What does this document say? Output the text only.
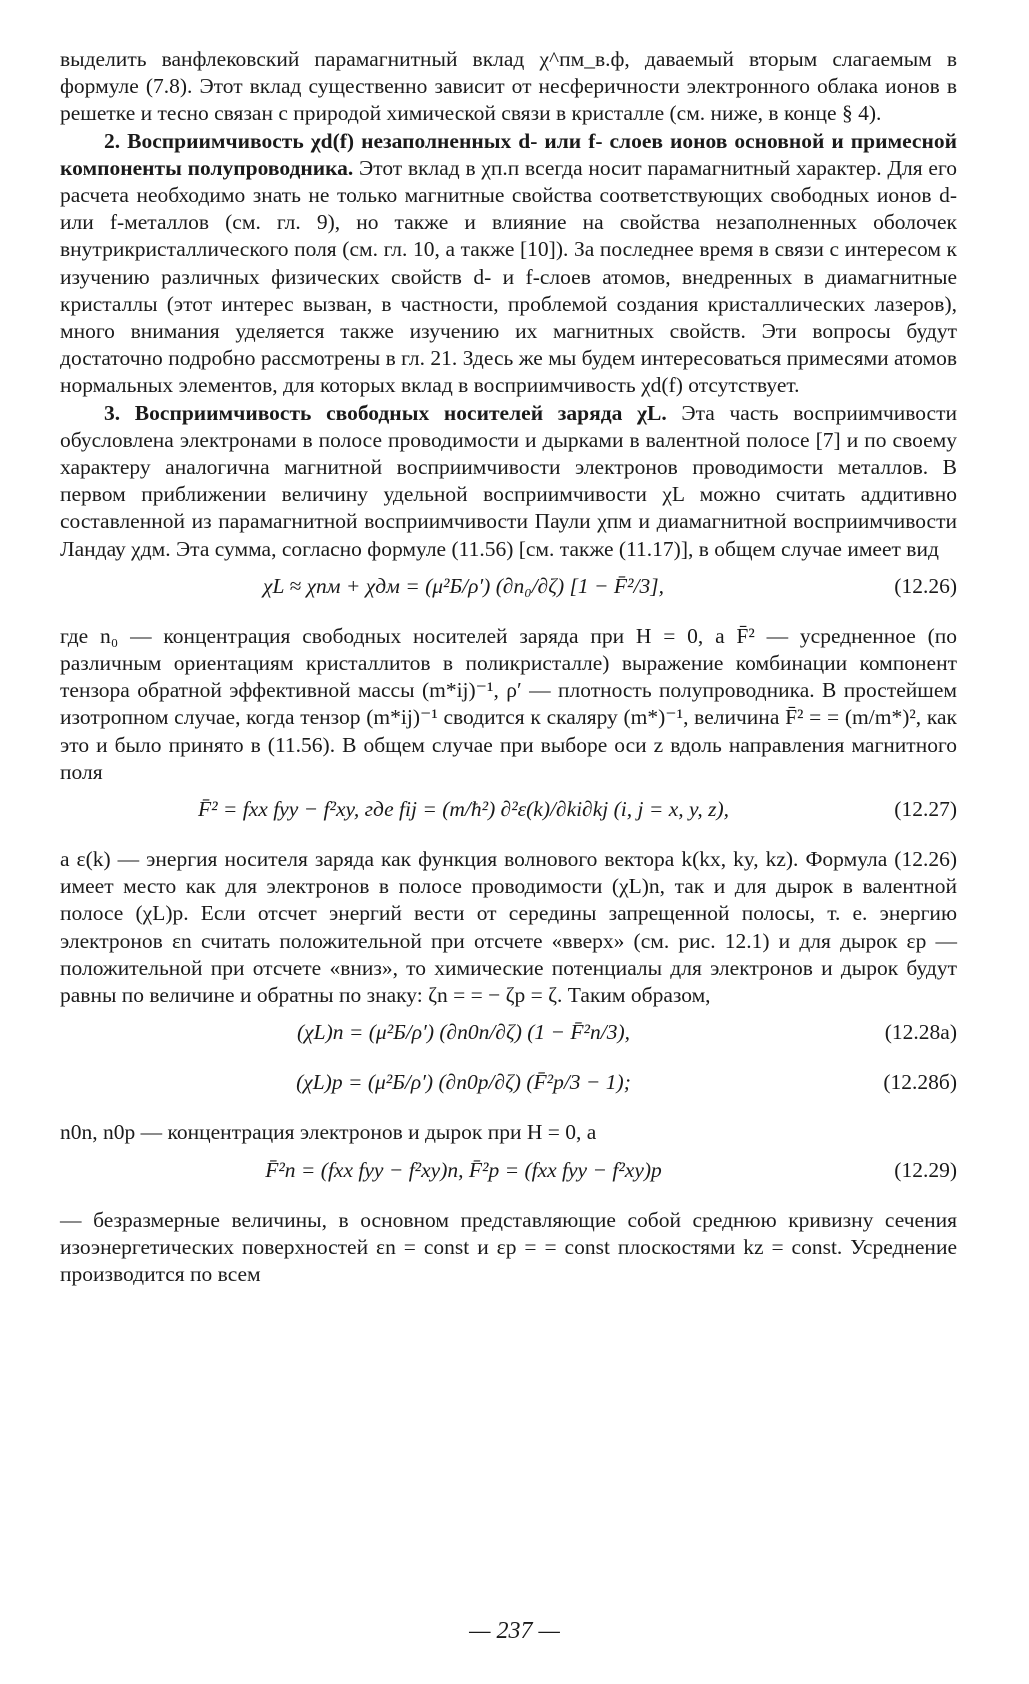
выделить ванфлековский парамагнитный вклад χ^пм_в.ф, даваемый вторым слагаемым в формуле (7.8). Этот вклад существенно зависит от несферичности электронного облака ионов в решетке и тесно связан с природой химической связи в кристалле (см. ниже, в конце § 4).

2. Восприимчивость χd(f) незаполненных d- или f- слоев ионов основной и примесной компоненты полупроводника. Этот вклад в χп.п всегда носит парамагнитный характер. Для его расчета необходимо знать не только магнитные свойства соответствующих свободных ионов d- или f-металлов (см. гл. 9), но также и влияние на свойства незаполненных оболочек внутрикристаллического поля (см. гл. 10, а также [10]). За последнее время в связи с интересом к изучению различных физических свойств d- и f-слоев атомов, внедренных в диамагнитные кристаллы (этот интерес вызван, в частности, проблемой создания кристаллических лазеров), много внимания уделяется также изучению их магнитных свойств. Эти вопросы будут достаточно подробно рассмотрены в гл. 21. Здесь же мы будем интересоваться примесями атомов нормальных элементов, для которых вклад в восприимчивость χd(f) отсутствует.

3. Восприимчивость свободных носителей заряда χL. Эта часть восприимчивости обусловлена электронами в полосе проводимости и дырками в валентной полосе [7] и по своему характеру аналогична магнитной восприимчивости электронов проводимости металлов. В первом приближении величину удельной восприимчивости χL можно считать аддитивно составленной из парамагнитной восприимчивости Паули χпм и диамагнитной восприимчивости Ландау χдм. Эта сумма, согласно формуле (11.56) [см. также (11.17)], в общем случае имеет вид

χL ≈ χпм + χдм = (μ²Б/ρ′) (∂n₀/∂ζ) [1 − F̄²/3],	(12.26)

где n₀ — концентрация свободных носителей заряда при H = 0, а F̄² — усредненное (по различным ориентациям кристаллитов в поликристалле) выражение комбинации компонент тензора обратной эффективной массы (m*ij)⁻¹, ρ′ — плотность полупроводника. В простейшем изотропном случае, когда тензор (m*ij)⁻¹ сводится к скаляру (m*)⁻¹, величина F̄² = = (m/m*)², как это и было принято в (11.56). В общем случае при выборе оси z вдоль направления магнитного поля

F̄² = fxx fyy − f²xy, где fij = (m/ħ²) ∂²ε(k)/∂ki∂kj (i, j = x, y, z),	(12.27)

а ε(k) — энергия носителя заряда как функция волнового вектора k(kx, ky, kz). Формула (12.26) имеет место как для электронов в полосе проводимости (χL)n, так и для дырок в валентной полосе (χL)p. Если отсчет энергий вести от середины запрещенной полосы, т. е. энергию электронов εn считать положительной при отсчете «вверх» (см. рис. 12.1) и для дырок εp — положительной при отсчете «вниз», то химические потенциалы для электронов и дырок будут равны по величине и обратны по знаку: ζn = = − ζp = ζ. Таким образом,

(χL)n = (μ²Б/ρ′) (∂n0n/∂ζ) (1 − F̄²n/3),	(12.28а)
(χL)p = (μ²Б/ρ′) (∂n0p/∂ζ) (F̄²p/3 − 1);	(12.28б)

n0n, n0p — концентрация электронов и дырок при H = 0, а

F̄²n = (fxx fyy − f²xy)n, F̄²p = (fxx fyy − f²xy)p	(12.29)

— безразмерные величины, в основном представляющие собой среднюю кривизну сечения изоэнергетических поверхностей εn = const и εp = = const плоскостями kz = const. Усреднение производится по всем

— 237 —
